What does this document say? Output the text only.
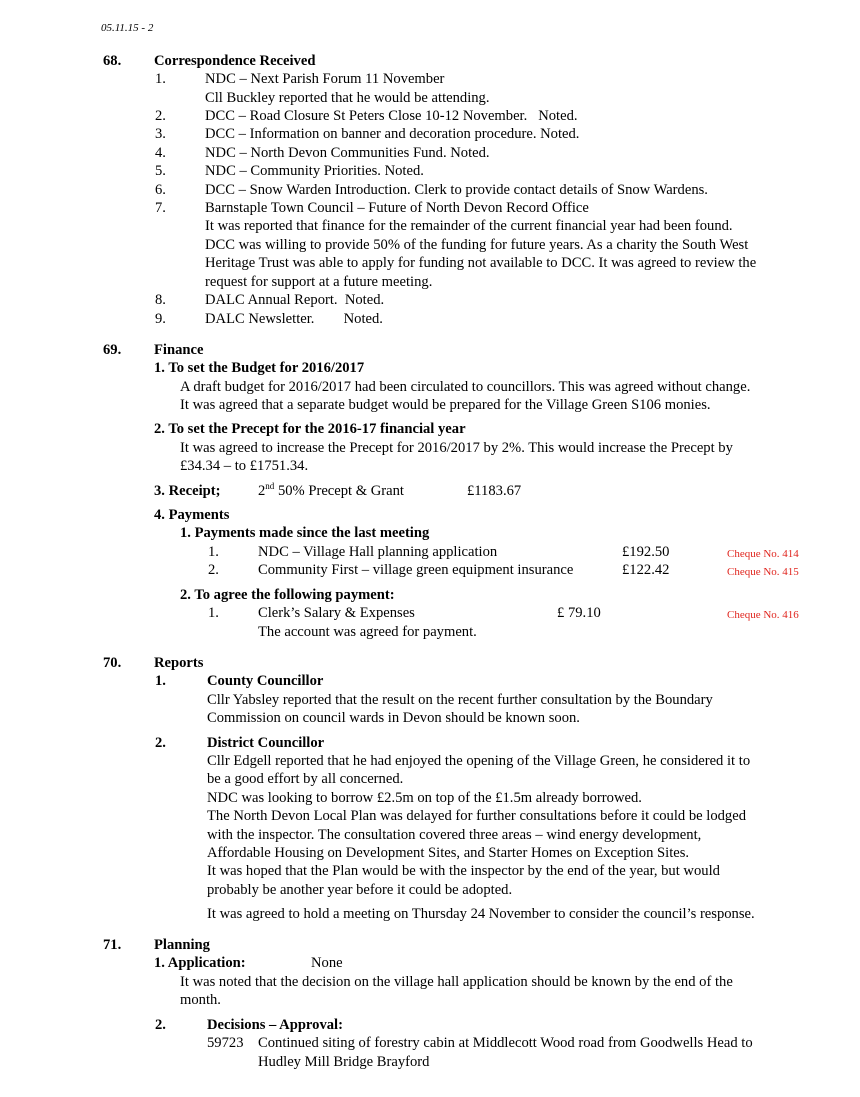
05.11.15 - 2
68. Correspondence Received
1.	NDC – Next Parish Forum 11 November
Cll Buckley reported that he would be attending.
2.	DCC – Road Closure St Peters Close 10-12 November.   Noted.
3.	DCC – Information on banner and decoration procedure. Noted.
4.	NDC – North Devon Communities Fund. Noted.
5.	NDC – Community Priorities. Noted.
6.	DCC – Snow Warden Introduction. Clerk to provide contact details of Snow Wardens.
7.	Barnstaple Town Council – Future of North Devon Record Office
It was reported that finance for the remainder of the current financial year had been found.
DCC was willing to provide 50% of the funding for future years. As a charity the South West
Heritage Trust was able to apply for funding not available to DCC. It was agreed to review the
request for support at a future meeting.
8.	DALC Annual Report.  Noted.
9.	DALC Newsletter.        Noted.
69. Finance
1. To set the Budget for 2016/2017
A draft budget for 2016/2017 had been circulated to councillors. This was agreed without change.
It was agreed that a separate budget would be prepared for the Village Green S106 monies.
2. To set the Precept for the 2016-17 financial year
It was agreed to increase the Precept for 2016/2017 by 2%. This would increase the Precept by
£34.34 – to £1751.34.
3. Receipt;	2nd 50% Precept & Grant	£1183.67
4. Payments
1. Payments made since the last meeting
1.	NDC – Village Hall planning application	£192.50	Cheque No. 414
2.	Community First – village green equipment insurance	£122.42	Cheque No. 415
2. To agree the following payment:
1.	Clerk’s Salary & Expenses	£ 79.10	Cheque No. 416
The account was agreed for payment.
70. Reports
1.	County Councillor
Cllr Yabsley reported that the result on the recent further consultation by the Boundary
Commission on council wards in Devon should be known soon.
2.	District Councillor
Cllr Edgell reported that he had enjoyed the opening of the Village Green, he considered it to
be a good effort by all concerned.
NDC was looking to borrow £2.5m on top of the £1.5m already borrowed.
The North Devon Local Plan was delayed for further consultations before it could be lodged
with the inspector. The consultation covered three areas – wind energy development,
Affordable Housing on Development Sites, and Starter Homes on Exception Sites.
It was hoped that the Plan would be with the inspector by the end of the year, but would
probably be another year before it could be adopted.
It was agreed to hold a meeting on Thursday 24 November to consider the council’s response.
71. Planning
1. Application:	None
It was noted that the decision on the village hall application should be known by the end of the
month.
2.	Decisions – Approval:
59723 Continued siting of forestry cabin at Middlecott Wood road from Goodwells Head to
Hudley Mill Bridge Brayford
